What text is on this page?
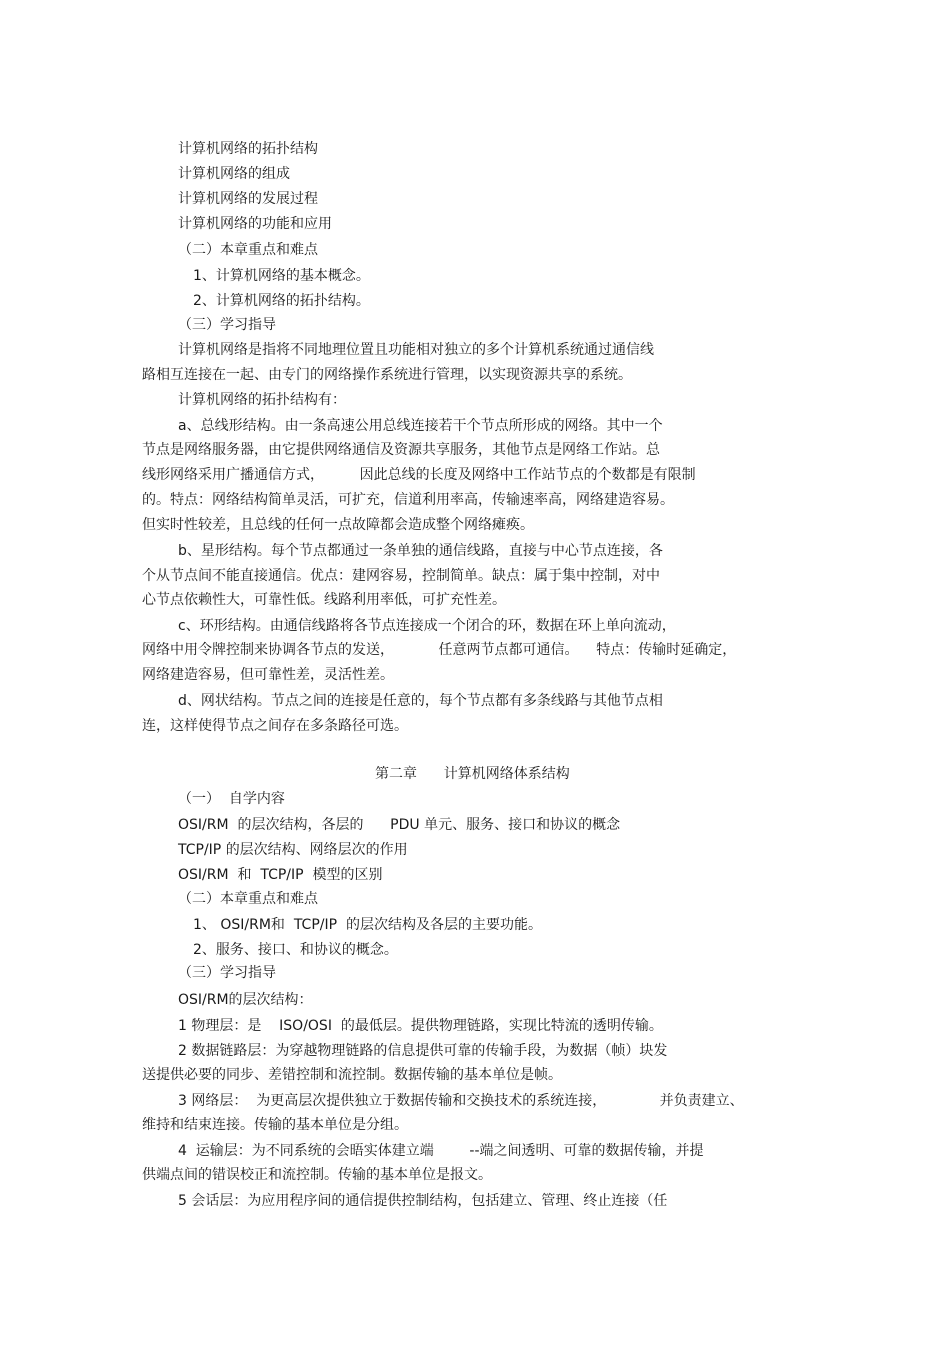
计算机网络的拓扑结构
计算机网络的组成
计算机网络的发展过程
计算机网络的功能和应用
（二）本章重点和难点
1、计算机网络的基本概念。
2、计算机网络的拓扑结构。
（三）学习指导
计算机网络是指将不同地理位置且功能相对独立的多个计算机系统通过通信线
路相互连接在一起、由专门的网络操作系统进行管理，以实现资源共享的系统。
计算机网络的拓扑结构有：
a、总线形结构。由一条高速公用总线连接若干个节点所形成的网络。其中一个
节点是网络服务器，由它提供网络通信及资源共享服务，其他节点是网络工作站。总
线形网络采用广播通信方式，        因此总线的长度及网络中工作站节点的个数都是有限制
的。特点：网络结构简单灵活，可扩充，信道利用率高，传输速率高，网络建造容易。
但实时性较差，且总线的任何一点故障都会造成整个网络瘫痪。
b、星形结构。每个节点都通过一条单独的通信线路，直接与中心节点连接，各
个从节点间不能直接通信。优点：建网容易，控制简单。缺点：属于集中控制，对中
心节点依赖性大，可靠性低。线路利用率低，可扩充性差。
c、环形结构。由通信线路将各节点连接成一个闭合的环，数据在环上单向流动，
网络中用令牌控制来协调各节点的发送，          任意两节点都可通信。    特点：传输时延确定，
网络建造容易，但可靠性差，灵活性差。
d、网状结构。节点之间的连接是任意的，每个节点都有多条线路与其他节点相
连，这样使得节点之间存在多条路径可选。
第二章      计算机网络体系结构
（一）  自学内容
OSI/RM  的层次结构，各层的      PDU 单元、服务、接口和协议的概念
TCP/IP 的层次结构、网络层次的作用
OSI/RM  和  TCP/IP  模型的区别
（二）本章重点和难点
1、 OSI/RM和  TCP/IP  的层次结构及各层的主要功能。
2、服务、接口、和协议的概念。
（三）学习指导
OSI/RM的层次结构：
1 物理层：是    ISO/OSI  的最低层。提供物理链路，实现比特流的透明传输。
2 数据链路层：为穿越物理链路的信息提供可靠的传输手段，为数据（帧）块发
送提供必要的同步、差错控制和流控制。数据传输的基本单位是帧。
3 网络层：  为更高层次提供独立于数据传输和交换技术的系统连接，            并负责建立、
维持和结束连接。传输的基本单位是分组。
4  运输层：为不同系统的会晤实体建立端        --端之间透明、可靠的数据传输，并提
供端点间的错误校正和流控制。传输的基本单位是报文。
5 会话层：为应用程序间的通信提供控制结构，包括建立、管理、终止连接（任
